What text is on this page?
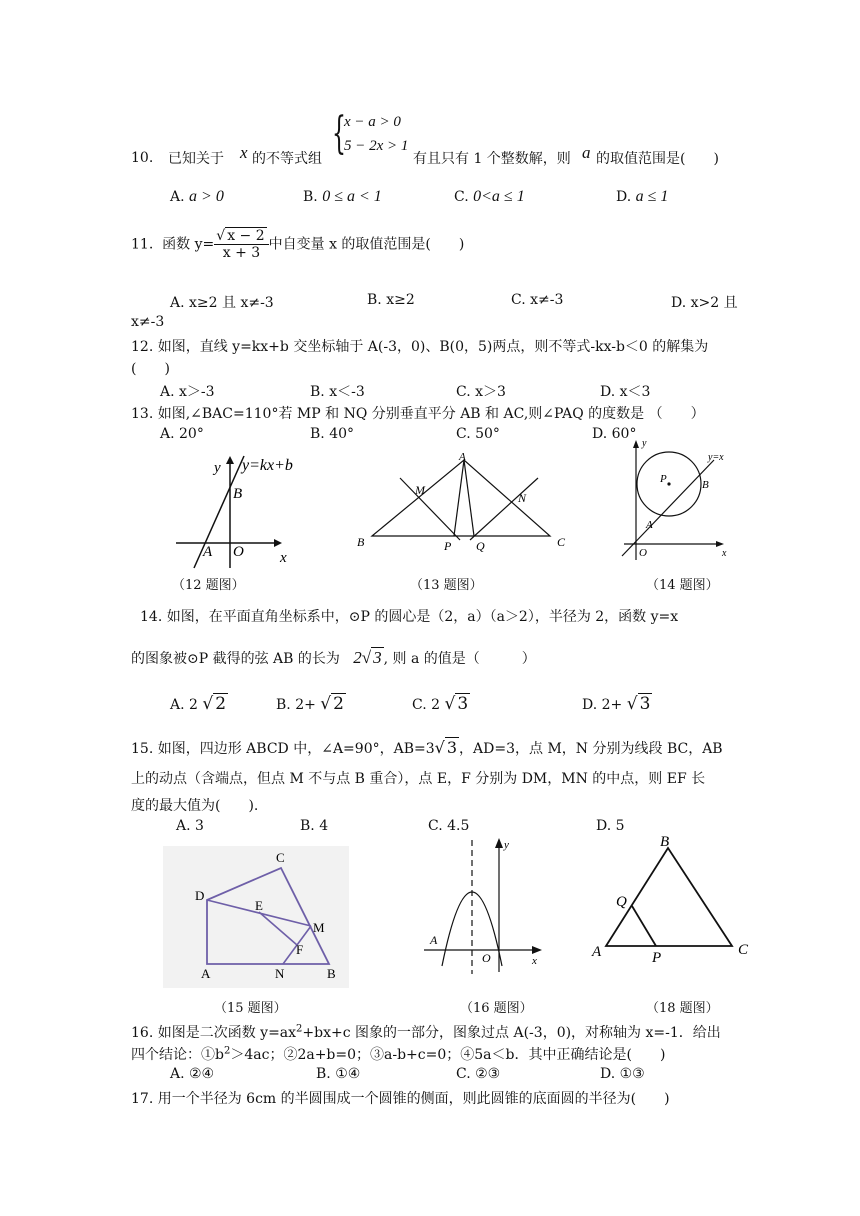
10. 已知关于 x 的不等式组 {
x − a > 0
5 − 2x > 1
有且只有 1 个整数解，则 a 的取值范围是(　　)
A. a > 0	B. 0 ≤ a < 1	C. 0<a ≤ 1	D. a ≤ 1
11. 函数 $y= \frac{√ x - 2}{x + 3}$ 中自变量 x 的取值范围是(　　)
A. x≥2 且 x≠-3	B. x≥2	C. x≠-3	D. x>2 且
x≠-3
12. 如图，直线 y=kx+b 交坐标轴于 A(-3，0)、B(0，5)两点，则不等式-kx-b＜0 的解集为
(　　)
A. x＞-3	B. x＜-3	C. x＞3	D. x＜3
13. 如图,∠BAC=110°若 MP 和 NQ 分别垂直平分 AB 和 AC,则∠PAQ 的度数是 （　　）
A. 20°	B. 40°	C. 50°	D. 60°
y y=kx+b
B
A O x
（12 题图）
A
M
N
B	P Q	C
（13 题图）
y
y=x
P	B
A
O	x
（14 题图）
14. 如图，在平面直角坐标系中，⊙P 的圆心是（2，a）（a＞2），半径为 2，函数 y=x
的图象被⊙P 截得的弦 AB 的长为 2√ 3 , 则 a 的值是（　　　）
A. 2 √ 2	B. 2+ √ 2	C. 2 √ 3	D. 2+ √ 3
15. 如图，四边形 ABCD 中，∠A=90°，AB=3√ 3 ，AD=3，点 M，N 分别为线段 BC，AB
上的动点（含端点，但点 M 不与点 B 重合），点 E，F 分别为 DM，MN 的中点，则 EF 长
度的最大值为(　　).
A. 3	B. 4	C. 4.5	D. 5
C
D
E
M
F
A	N	B
（15 题图）
y
A
O	x
（16 题图）
B
Q
A	P	C
（18 题图）
16. 如图是二次函数 $y=ax^2+bx+c$ 图象的一部分，图象过点 A(-3，0)，对称轴为 x=-1．给出
四个结论：$①b^2>4ac$；②2a+b=0；③a-b+c=0；④5a＜b．其中正确结论是(　　)
A. ②④	B. ①④	C. ②③	D. ①③
17. 用一个半径为 6cm 的半圆围成一个圆锥的侧面，则此圆锥的底面圆的半径为(　　)
